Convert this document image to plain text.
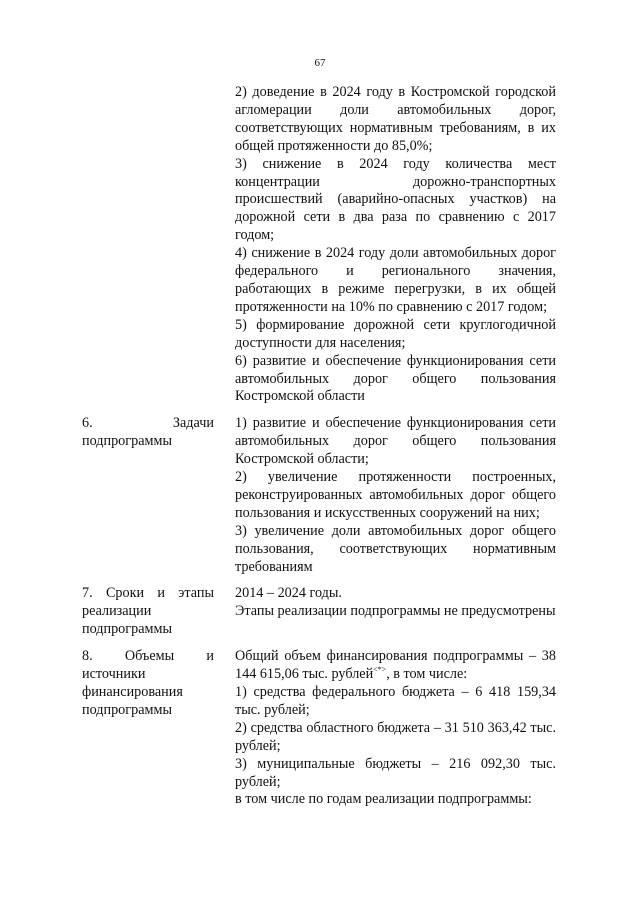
67
2) доведение в 2024 году в Костромской городской агломерации доли автомобильных дорог, соответствующих нормативным требованиям, в их общей протяженности до 85,0%;
3) снижение в 2024 году количества мест концентрации дорожно-транспортных происшествий (аварийно-опасных участков) на дорожной сети в два раза по сравнению с 2017 годом;
4) снижение в 2024 году доли автомобильных дорог федерального и регионального значения, работающих в режиме перегрузки, в их общей протяженности на 10% по сравнению с 2017 годом;
5) формирование дорожной сети круглогодичной доступности для населения;
6) развитие и обеспечение функционирования сети автомобильных дорог общего пользования Костромской области
6. Задачи подпрограммы
1) развитие и обеспечение функционирования сети автомобильных дорог общего пользования Костромской области;
2) увеличение протяженности построенных, реконструированных автомобильных дорог общего пользования и искусственных сооружений на них;
3) увеличение доли автомобильных дорог общего пользования, соответствующих нормативным требованиям
7. Сроки и этапы реализации подпрограммы
2014 – 2024 годы.
Этапы реализации подпрограммы не предусмотрены
8. Объемы и источники финансирования подпрограммы
Общий объем финансирования подпрограммы – 38 144 615,06 тыс. рублей<*>, в том числе:
1) средства федерального бюджета – 6 418 159,34 тыс. рублей;
2) средства областного бюджета – 31 510 363,42 тыс. рублей;
3) муниципальные бюджеты – 216 092,30 тыс. рублей;
в том числе по годам реализации подпрограммы:
